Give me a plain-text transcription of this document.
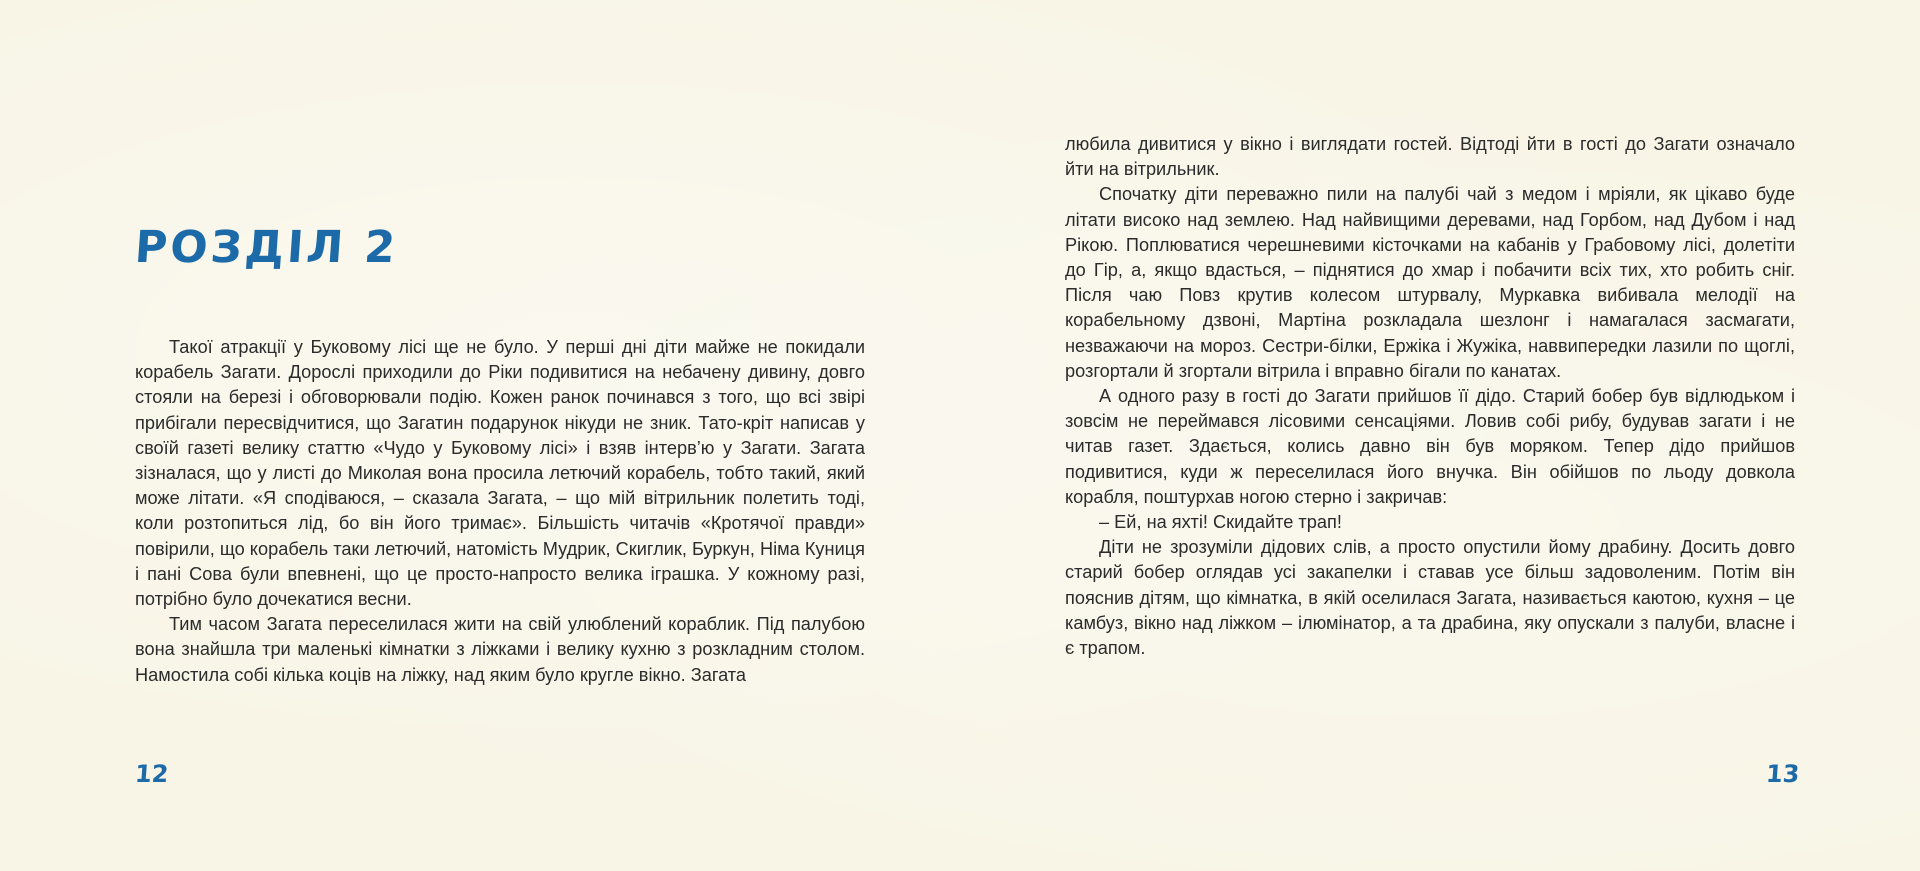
РОЗДІЛ 2

Такої атракції у Буковому лісі ще не було. У перші дні діти майже не покидали корабель Загати. Дорослі приходили до Ріки подивитися на небачену дивину, довго стояли на березі і обговорювали подію. Кожен ранок починався з того, що всі звірі прибігали пересвідчитися, що Загатин подарунок нікуди не зник. Тато-кріт написав у своїй газеті велику статтю «Чудо у Буковому лісі» і взяв інтерв’ю у Загати. Загата зізналася, що у листі до Миколая вона просила летючий корабель, тобто такий, який може літати. «Я сподіваюся, – сказала Загата, – що мій вітрильник полетить тоді, коли розтопиться лід, бо він його тримає». Більшість читачів «Кротячої правди» повірили, що корабель таки летючий, натомість Мудрик, Скиглик, Буркун, Німа Куниця і пані Сова були впевнені, що це просто-напросто велика іграшка. У кожному разі, потрібно було дочекатися весни.

Тим часом Загата переселилася жити на свій улюблений кораблик. Під палубою вона знайшла три маленькі кімнатки з ліжками і велику кухню з розкладним столом. Намостила собі кілька коців на ліжку, над яким було кругле вікно. Загата

12

любила дивитися у вікно і виглядати гостей. Відтоді йти в гості до Загати означало йти на вітрильник.

Спочатку діти переважно пили на палубі чай з медом і мріяли, як цікаво буде літати високо над землею. Над найвищими деревами, над Горбом, над Дубом і над Рікою. Поплюватися черешневими кісточками на кабанів у Грабовому лісі, долетіти до Гір, а, якщо вдасться, – піднятися до хмар і побачити всіх тих, хто робить сніг. Після чаю Повз крутив колесом штурвалу, Муркавка вибивала мелодії на корабельному дзвоні, Мартіна розкладала шезлонг і намагалася засмагати, незважаючи на мороз. Сестри-білки, Ержіка і Жужіка, наввипередки лазили по щоглі, розгортали й згортали вітрила і вправно бігали по канатах.

А одного разу в гості до Загати прийшов її дідо. Старий бобер був відлюдьком і зовсім не переймався лісовими сенсаціями. Ловив собі рибу, будував загати і не читав газет. Здається, колись давно він був моряком. Тепер дідо прийшов подивитися, куди ж переселилася його внучка. Він обійшов по льоду довкола корабля, поштурхав ногою стерно і закричав:

– Ей, на яхті! Скидайте трап!

Діти не зрозуміли дідових слів, а просто опустили йому драбину. Досить довго старий бобер оглядав усі закапелки і ставав усе більш задоволеним. Потім він пояснив дітям, що кімнатка, в якій оселилася Загата, називається каютою, кухня – це камбуз, вікно над ліжком – ілюмінатор, а та драбина, яку опускали з палуби, власне і є трапом.

13
